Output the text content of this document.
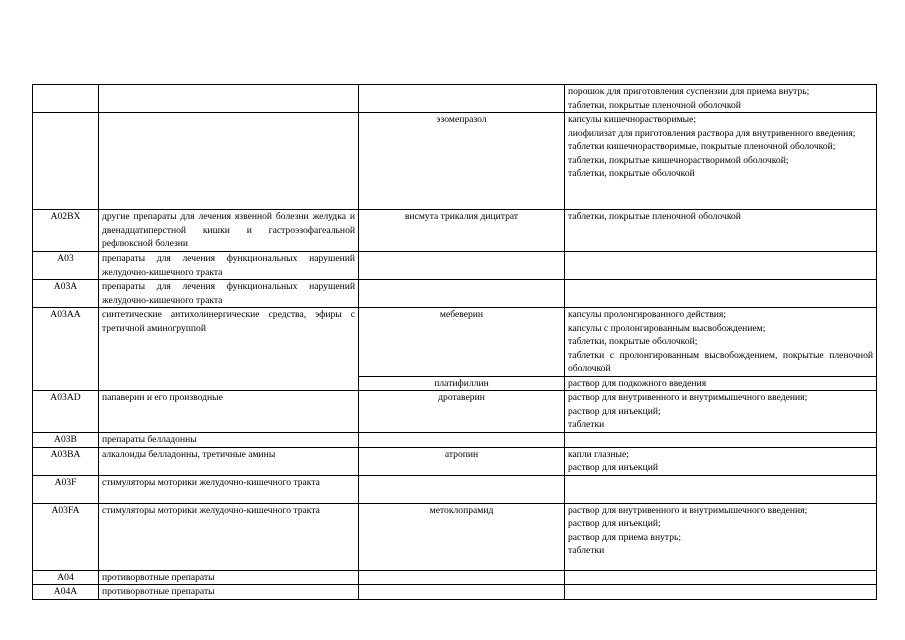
			порошок для приготовления суспензии для приема внутрь;
таблетки, покрытые пленочной оболочкой

		эзомепразол	капсулы кишечнорастворимые;
лиофилизат для приготовления раствора для внутривенного введения;
таблетки кишечнорастворимые, покрытые пленочной оболочкой;
таблетки, покрытые кишечнорастворимой оболочкой;
таблетки, покрытые оболочкой

A02BX	другие препараты для лечения язвенной болезни желудка и двенадцатиперстной кишки и гастроэзофагеальной рефлюксной болезни	висмута трикалия дицитрат	таблетки, покрытые пленочной оболочкой

A03	препараты для лечения функциональных нарушений желудочно-кишечного тракта		
A03A	препараты для лечения функциональных нарушений желудочно-кишечного тракта		
A03AA	синтетические антихолинергические средства, эфиры с третичной аминогруппой	мебеверин	капсулы пролонгированного действия;
капсулы с пролонгированным высвобождением;
таблетки, покрытые оболочкой;
таблетки с пролонгированным высвобождением, покрытые пленочной оболочкой

		платифиллин	раствор для подкожного введения

A03AD	папаверин и его производные	дротаверин	раствор для внутривенного и внутримышечного введения;
раствор для инъекций;
таблетки

A03B	препараты белладонны		
A03BA	алкалоиды белладонны, третичные амины	атропин	капли глазные;
раствор для инъекций

A03F	стимуляторы моторики желудочно-кишечного тракта		
A03FA	стимуляторы моторики желудочно-кишечного тракта	метоклопрамид	раствор для внутривенного и внутримышечного введения;
раствор для инъекций;
раствор для приема внутрь;
таблетки

A04	противорвотные препараты		
A04A	противорвотные препараты		
